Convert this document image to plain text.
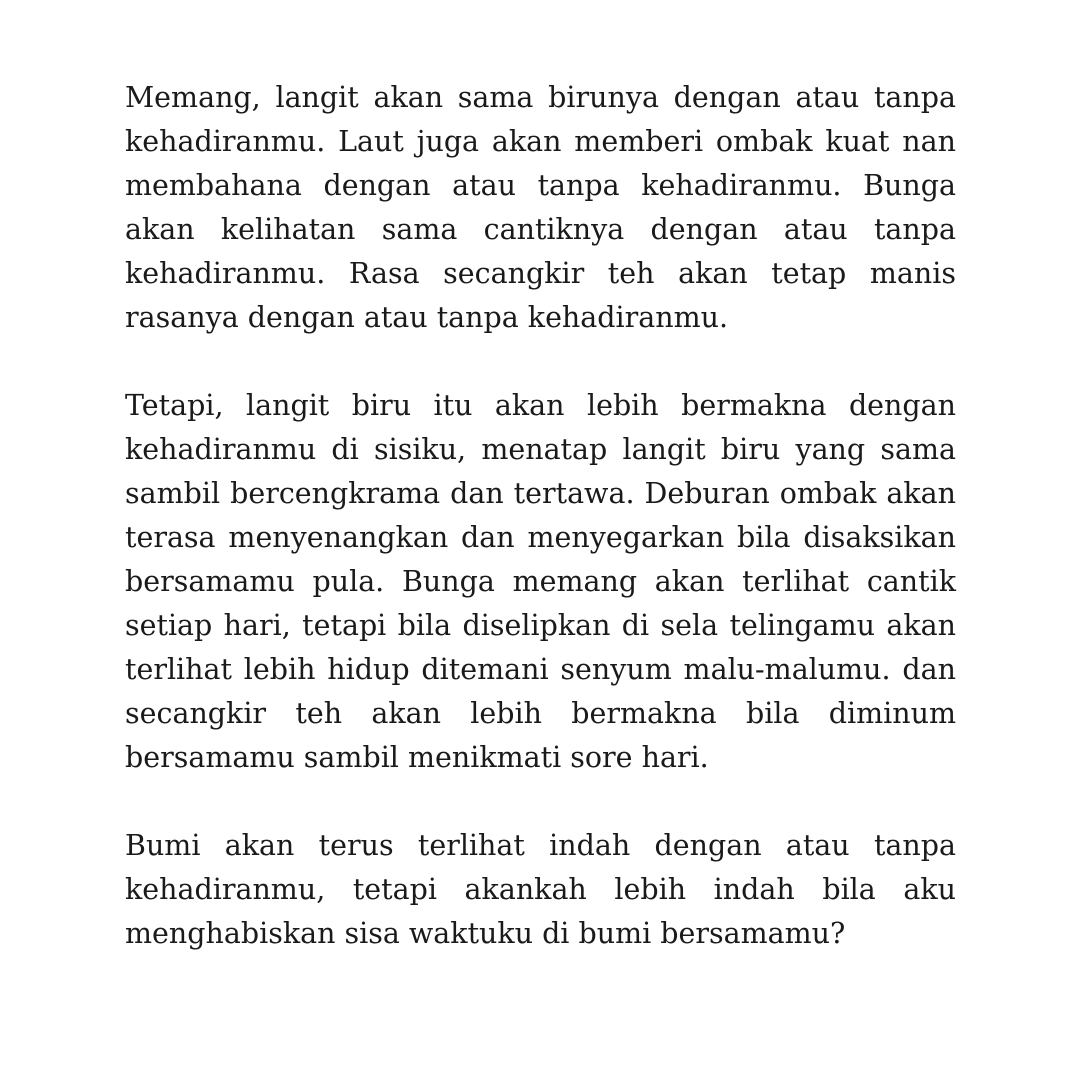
Memang, langit akan sama birunya dengan atau tanpa kehadiranmu. Laut juga akan memberi ombak kuat nan membahana dengan atau tanpa kehadiranmu. Bunga akan kelihatan sama cantiknya dengan atau tanpa kehadiranmu. Rasa secangkir teh akan tetap manis rasanya dengan atau tanpa kehadiranmu.

Tetapi, langit biru itu akan lebih bermakna dengan kehadiranmu di sisiku, menatap langit biru yang sama sambil bercengkrama dan tertawa. Deburan ombak akan terasa menyenangkan dan menyegarkan bila disaksikan bersamamu pula. Bunga memang akan terlihat cantik setiap hari, tetapi bila diselipkan di sela telingamu akan terlihat lebih hidup ditemani senyum malu-malumu. dan secangkir teh akan lebih bermakna bila diminum bersamamu sambil menikmati sore hari.

Bumi akan terus terlihat indah dengan atau tanpa kehadiranmu, tetapi akankah lebih indah bila aku menghabiskan sisa waktuku di bumi bersamamu?
